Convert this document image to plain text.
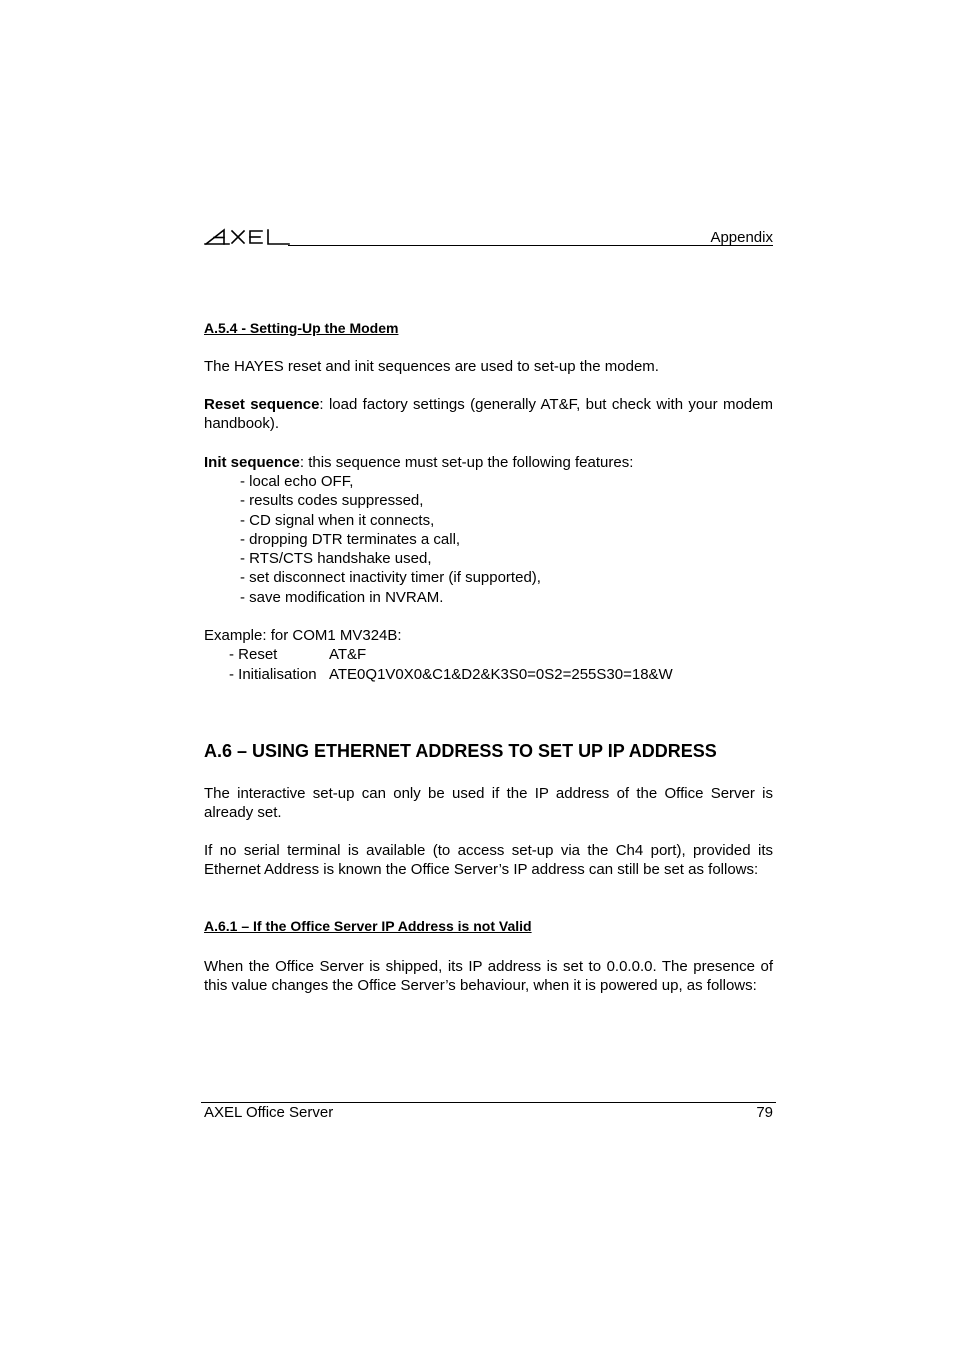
Appendix
A.5.4 - Setting-Up the Modem
The HAYES reset and init sequences are used to set-up the modem.
Reset sequence: load factory settings (generally AT&F, but check with your modem handbook).
Init sequence: this sequence must set-up the following features:
- local echo OFF,
- results codes suppressed,
- CD signal when it connects,
- dropping DTR terminates a call,
- RTS/CTS handshake used,
- set disconnect inactivity timer (if supported),
- save modification in NVRAM.
Example: for COM1 MV324B:
- Reset	AT&F
- Initialisation ATE0Q1V0X0&C1&D2&K3S0=0S2=255S30=18&W
A.6 – USING ETHERNET ADDRESS TO SET UP IP ADDRESS
The interactive set-up can only be used if the IP address of the Office Server is already set.
If no serial terminal is available (to access set-up via the Ch4 port), provided its Ethernet Address is known the Office Server’s IP address can still be set as follows:
A.6.1 – If the Office Server IP Address is not Valid
When the Office Server is shipped, its IP address is set to 0.0.0.0. The presence of this value changes the Office Server’s behaviour, when it is powered up, as follows:
AXEL Office Server	79
